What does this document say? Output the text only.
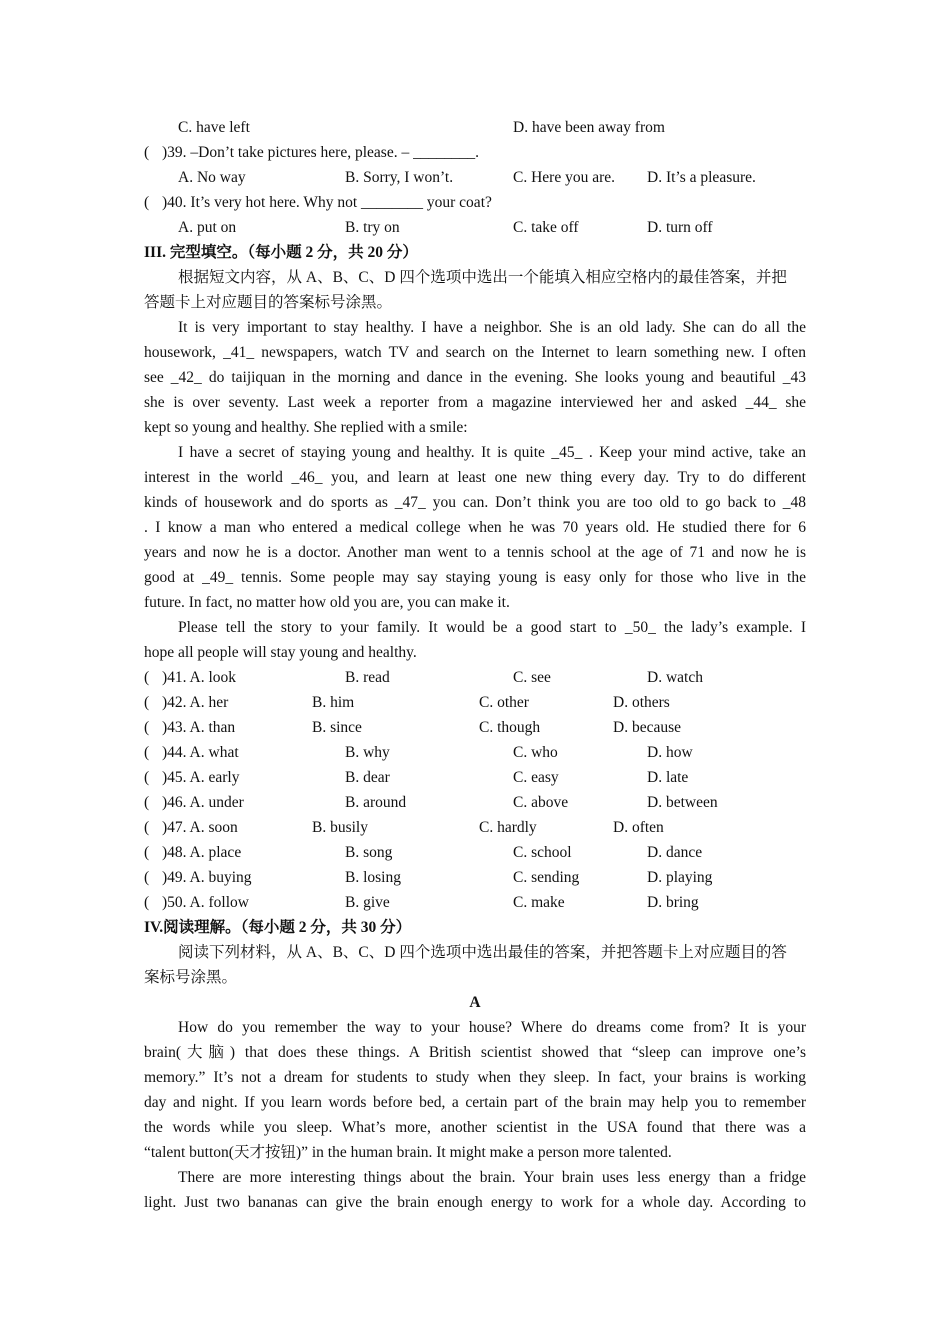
C. have left	D. have been away from
( )39. –Don’t take pictures here, please. – ________.
A. No way	B. Sorry, I won’t.	C. Here you are. D. It’s a pleasure.
( )40. It’s very hot here. Why not ________ your coat?
A. put on	B. try on	C. take off	D. turn off
III. 完型填空。（每小题 2 分，共 20 分）
根据短文内容，从 A、B、C、D 四个选项中选出一个能填入相应空格内的最佳答案，并把
答题卡上对应题目的答案标号涂黑。
It is very important to stay healthy. I have a neighbor. She is an old lady. She can do all the
housework, _41_ newspapers, watch TV and search on the Internet to learn something new. I often
see _42_ do taijiquan in the morning and dance in the evening. She looks young and beautiful _43
she is over seventy. Last week a reporter from a magazine interviewed her and asked _44_ she
kept so young and healthy. She replied with a smile:
I have a secret of staying young and healthy. It is quite _45_ . Keep your mind active, take an
interest in the world _46_ you, and learn at least one new thing every day. Try to do different
kinds of housework and do sports as _47_ you can. Don’t think you are too old to go back to _48
. I know a man who entered a medical college when he was 70 years old. He studied there for 6
years and now he is a doctor. Another man went to a tennis school at the age of 71 and now he is
good at _49_ tennis. Some people may say staying young is easy only for those who live in the
future. In fact, no matter how old you are, you can make it.
Please tell the story to your family. It would be a good start to _50_ the lady’s example. I
hope all people will stay young and healthy.
( )41. A. look	B. read	C. see	D. watch
( )42. A. her	B. him	C. other	D. others
( )43. A. than	B. since	C. though	D. because
( )44. A. what	B. why	C. who	D. how
( )45. A. early	B. dear	C. easy	D. late
( )46. A. under	B. around	C. above	D. between
( )47. A. soon	B. busily	C. hardly	D. often
( )48. A. place	B. song	C. school	D. dance
( )49. A. buying	B. losing	C. sending	D. playing
( )50. A. follow	B. give	C. make	D. bring
IV.阅读理解。（每小题 2 分，共 30 分）
阅读下列材料，从 A、B、C、D 四个选项中选出最佳的答案，并把答题卡上对应题目的答
案标号涂黑。
A
How do you remember the way to your house? Where do dreams come from? It is your
brain(大脑) that does these things. A British scientist showed that “sleep can improve one’s
memory.” It’s not a dream for students to study when they sleep. In fact, your brains is working
day and night. If you learn words before bed, a certain part of the brain may help you to remember
the words while you sleep. What’s more, another scientist in the USA found that there was a
“talent button(天才按钮)” in the human brain. It might make a person more talented.
There are more interesting things about the brain. Your brain uses less energy than a fridge
light. Just two bananas can give the brain enough energy to work for a whole day. According to
